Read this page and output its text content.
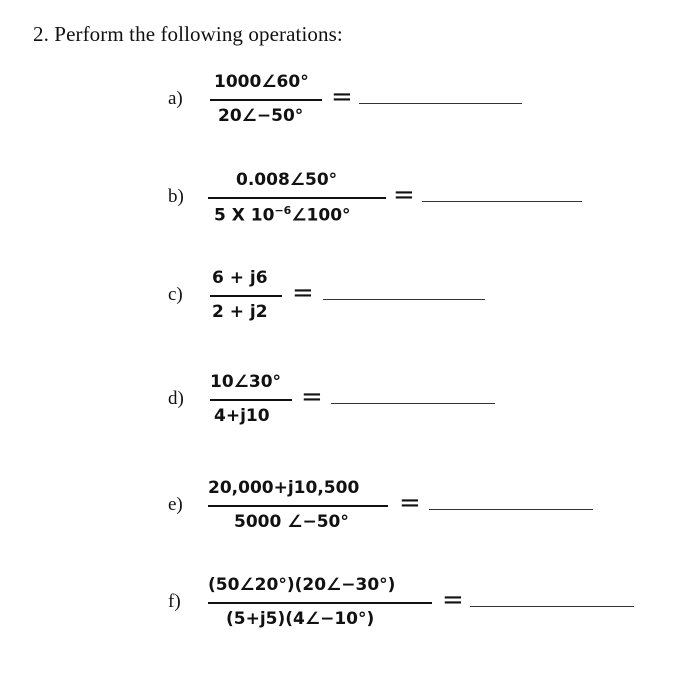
2. Perform the following operations:
a)
1000∠60°
20∠−50°
=
b)
0.008∠50°
5 X $10^{-6}\angle 100^\circ$
=
c)
6 + j6
2 + j2
=
d)
10∠30°
4+j10
=
e)
20,000+j10,500
5000 ∠−50°
=
f)
(50∠20°)(20∠−30°)
(5+j5)(4∠−10°)
=
